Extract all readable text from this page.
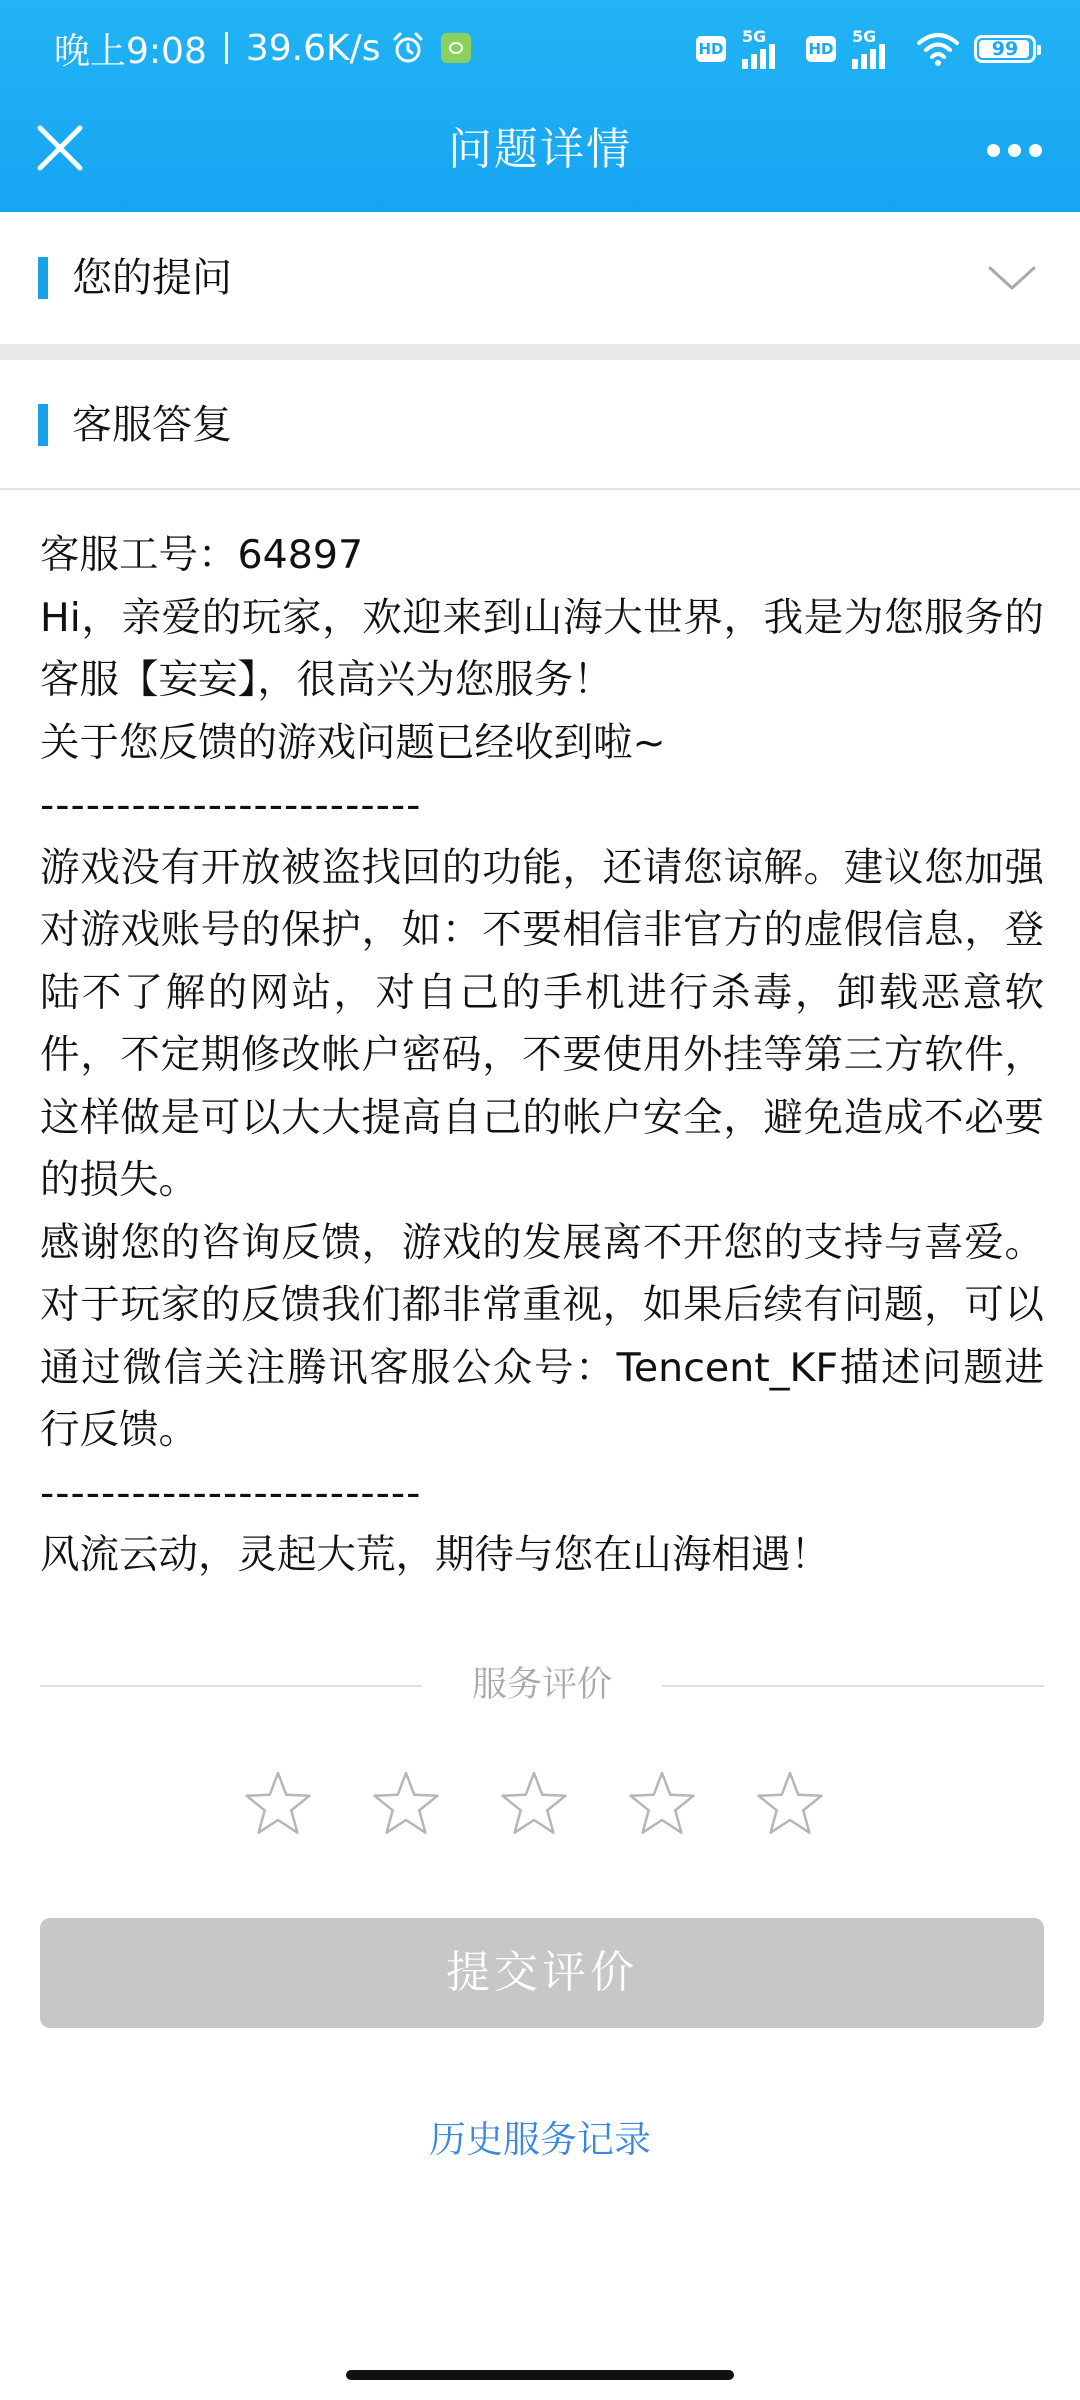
晚上9:08 39.6K/s	HD
5G
HD
5G
99
问题详情
您的提问
客服答复

客服工号：64897

Hi，亲爱的玩家，欢迎来到山海大世界，我是为您服务的客服【妄妄】，很高兴为您服务！

关于您反馈的游戏问题已经收到啦~

-------------------------

游戏没有开放被盗找回的功能，还请您谅解。建议您加强对游戏账号的保护，如：不要相信非官方的虚假信息，登陆不了解的网站，对自己的手机进行杀毒，卸载恶意软件，不定期修改帐户密码，不要使用外挂等第三方软件，这样做是可以大大提高自己的帐户安全，避免造成不必要的损失。

感谢您的咨询反馈，游戏的发展离不开您的支持与喜爱。对于玩家的反馈我们都非常重视，如果后续有问题，可以通过微信关注腾讯客服公众号：Tencent_KF描述问题进行反馈。

-------------------------

风流云动，灵起大荒，期待与您在山海相遇！

服务评价
提交评价
历史服务记录
